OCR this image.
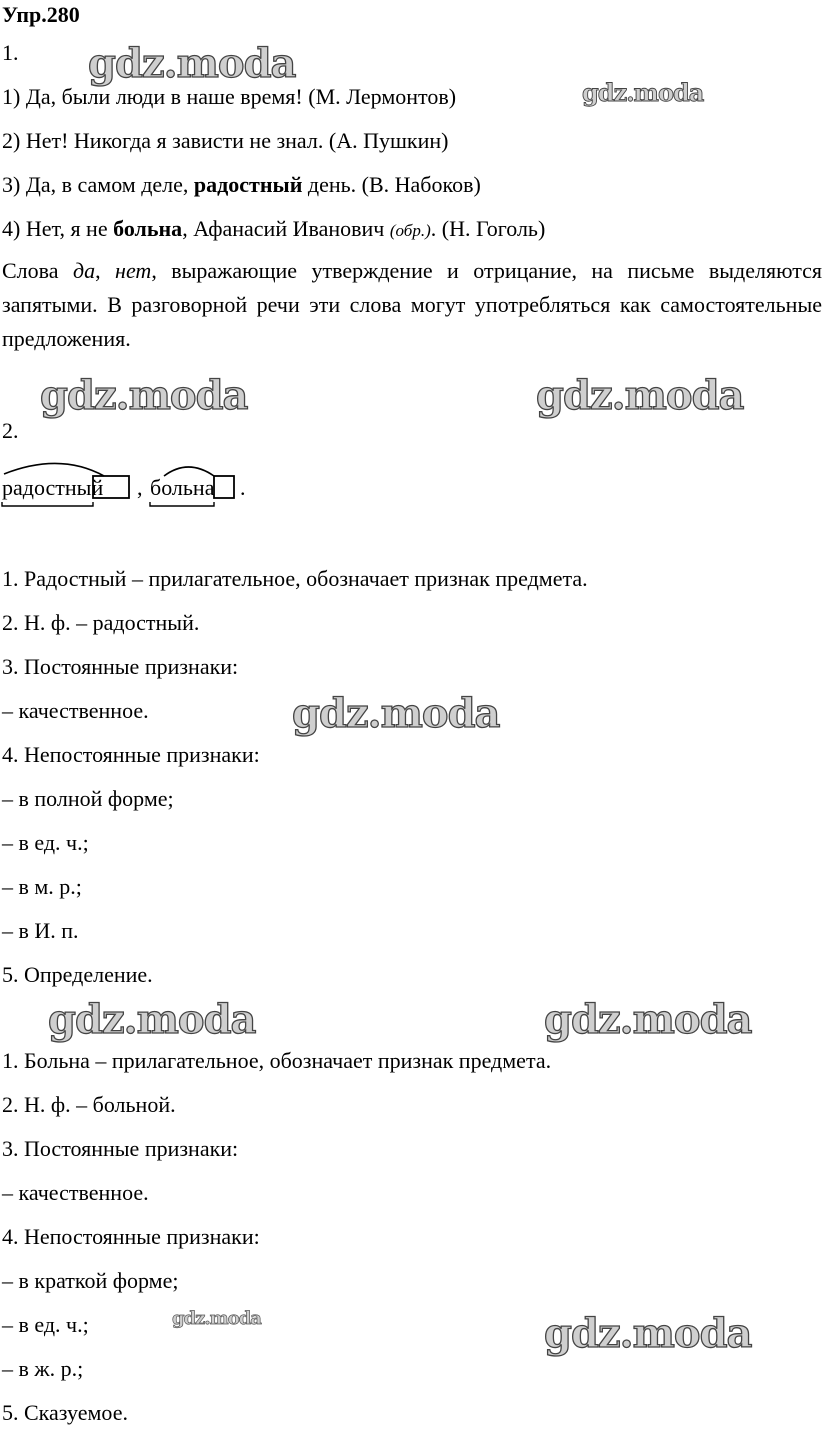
Упр.280
1.
1) Да, были люди в наше время! (М. Лермонтов)
2) Нет! Никогда я зависти не знал. (А. Пушкин)
3) Да, в самом деле, радостный день. (В. Набоков)
4) Нет, я не больна, Афанасий Иванович (обр.). (Н. Гоголь)
Слова да, нет, выражающие утверждение и отрицание, на письме выделяются запятыми. В разговорной речи эти слова могут употребляться как самостоятельные предложения.
2.
радостный , больна .
1. Радостный – прилагательное, обозначает признак предмета.
2. Н. ф. – радостный.
3. Постоянные признаки:
– качественное.
4. Непостоянные признаки:
– в полной форме;
– в ед. ч.;
– в м. р.;
– в И. п.
5. Определение.
1. Больна – прилагательное, обозначает признак предмета.
2. Н. ф. – больной.
3. Постоянные признаки:
– качественное.
4. Непостоянные признаки:
– в краткой форме;
– в ед. ч.;
– в ж. р.;
5. Сказуемое.
gdz.moda
gdz.moda
gdz.moda	gdz.moda
gdz.moda
gdz.moda	gdz.moda
gdz.moda	gdz.moda
